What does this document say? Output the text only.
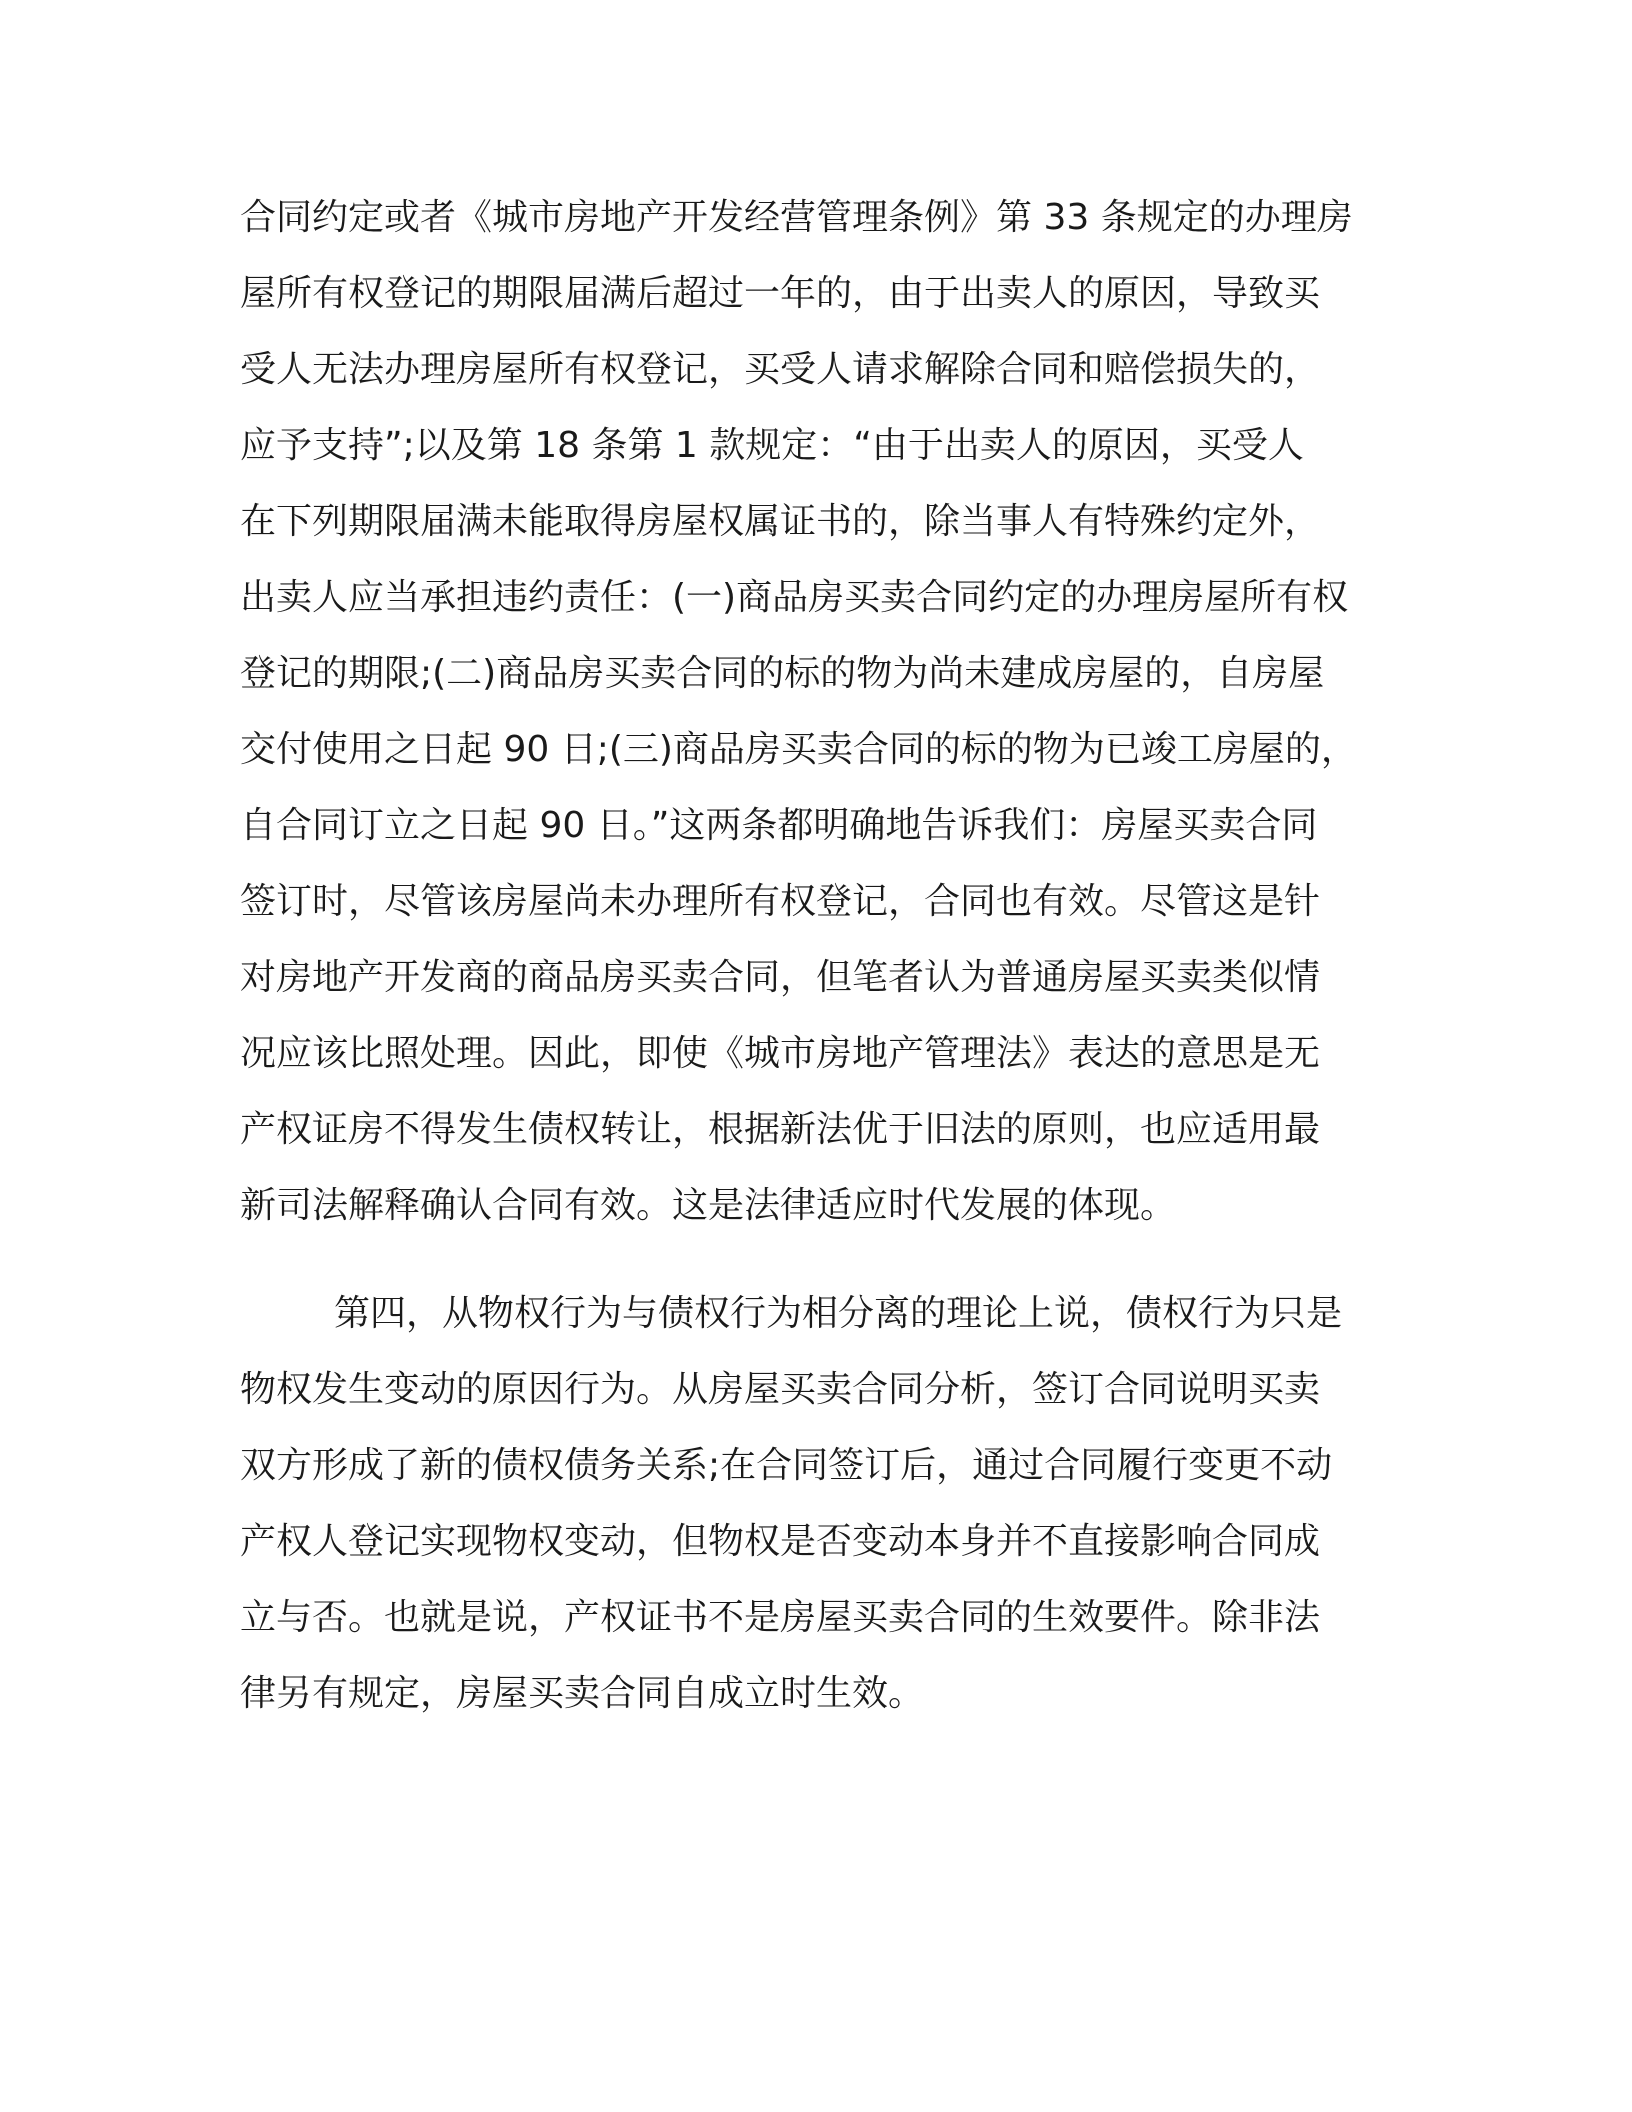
合同约定或者《城市房地产开发经营管理条例》第 33 条规定的办理房
屋所有权登记的期限届满后超过一年的，由于出卖人的原因，导致买
受人无法办理房屋所有权登记，买受人请求解除合同和赔偿损失的，
应予支持”;以及第 18 条第 1 款规定：“由于出卖人的原因，买受人
在下列期限届满未能取得房屋权属证书的，除当事人有特殊约定外，
出卖人应当承担违约责任：(一)商品房买卖合同约定的办理房屋所有权
登记的期限;(二)商品房买卖合同的标的物为尚未建成房屋的，自房屋
交付使用之日起 90 日;(三)商品房买卖合同的标的物为已竣工房屋的，
自合同订立之日起 90 日。”这两条都明确地告诉我们：房屋买卖合同
签订时，尽管该房屋尚未办理所有权登记，合同也有效。尽管这是针
对房地产开发商的商品房买卖合同，但笔者认为普通房屋买卖类似情
况应该比照处理。因此，即使《城市房地产管理法》表达的意思是无
产权证房不得发生债权转让，根据新法优于旧法的原则，也应适用最
新司法解释确认合同有效。这是法律适应时代发展的体现。
第四，从物权行为与债权行为相分离的理论上说，债权行为只是
物权发生变动的原因行为。从房屋买卖合同分析，签订合同说明买卖
双方形成了新的债权债务关系;在合同签订后，通过合同履行变更不动
产权人登记实现物权变动，但物权是否变动本身并不直接影响合同成
立与否。也就是说，产权证书不是房屋买卖合同的生效要件。除非法
律另有规定，房屋买卖合同自成立时生效。
